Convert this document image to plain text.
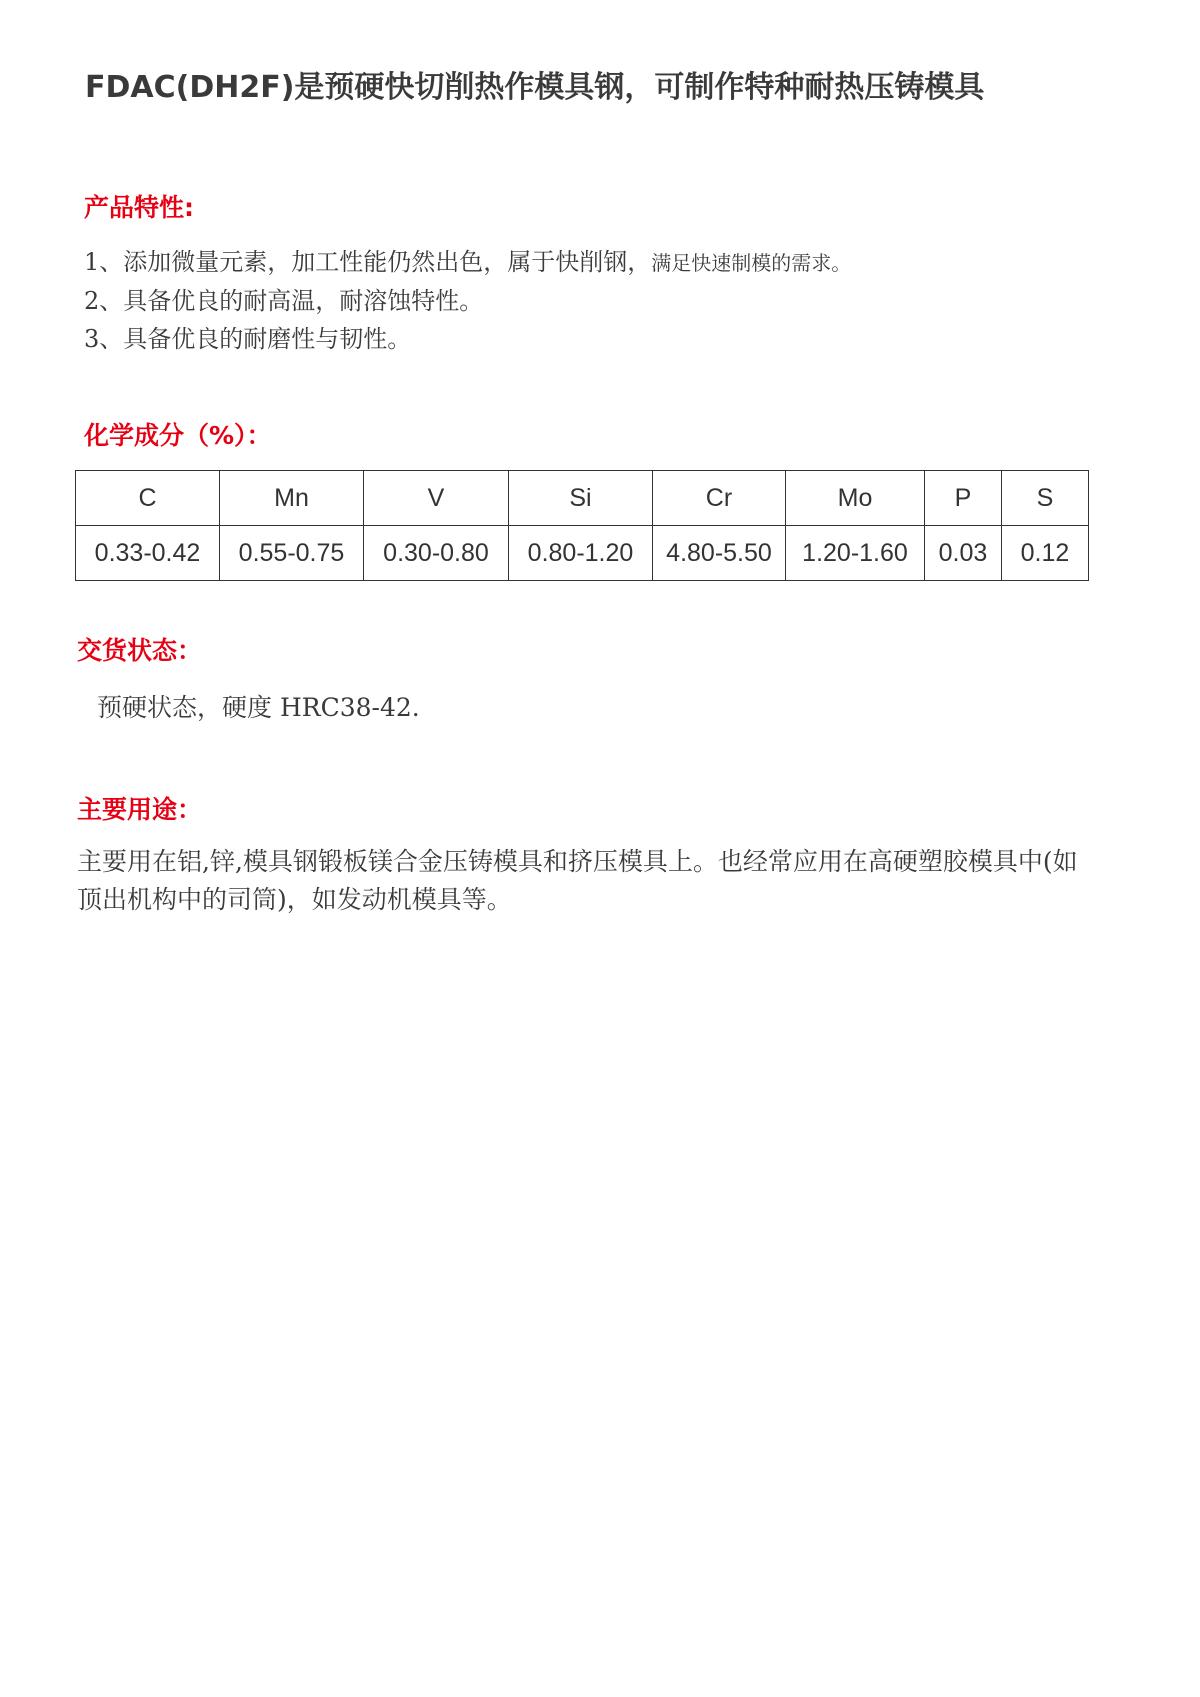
FDAC(DH2F)是预硬快切削热作模具钢，可制作特种耐热压铸模具
产品特性:
1、添加微量元素，加工性能仍然出色，属于快削钢，满足快速制模的需求。
2、具备优良的耐高温，耐溶蚀特性。
3、具备优良的耐磨性与韧性。
化学成分（%）：
C	Mn	V	Si	Cr	Mo	P	S
0.33-0.42	0.55-0.75	0.30-0.80	0.80-1.20	4.80-5.50	1.20-1.60	0.03	0.12
交货状态：

预硬状态，硬度 HRC38-42.

主要用途：

主要用在铝,锌,模具钢锻板镁合金压铸模具和挤压模具上。也经常应用在高硬塑胶模具中(如顶出机构中的司筒)，如发动机模具等。
